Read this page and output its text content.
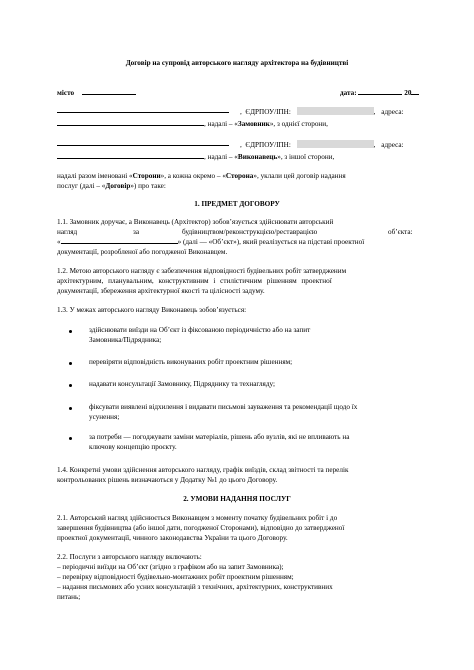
Договір на супровід авторського нагляду архітектора на будівництві
місто	дата:	20
,  ЄДРПОУ/ІПН:	, адреса:
, надалі – «Замовник», з однієї сторони,
,  ЄДРПОУ/ІПН:	, адреса:
, надалі – «Виконавець», з іншої сторони,
надалі разом іменовані «Сторони», а кожна окремо – «Сторона», уклали цей договір надання
послуг (далі – «Договір») про таке:
1. ПРЕДМЕТ ДОГОВОРУ
1.1. Замовник доручає, а Виконавець (Архітектор) зобов’язується здійснювати авторський
нагляд	за	будівництвом/реконструкцією/реставрацією	об’єкта:
«	» (далі — «Об’єкт»), який реалізується на підставі проектної
документації, розробленої або погодженої Виконавцем.
1.2. Метою авторського нагляду є забезпечення відповідності будівельних робіт затвердженим
архітектурним, планувальним, конструктивним і стилістичним рішенням проектної
документації, збереження архітектурної якості та цілісності задуму.
1.3. У межах авторського нагляду Виконавець зобов’язується:
здійснювати виїзди на Об’єкт із фіксованою періодичністю або на запит
Замовника/Підрядника;
перевіряти відповідність виконуваних робіт проектним рішенням;
надавати консультації Замовнику, Підряднику та технагляду;
фіксувати виявлені відхилення і видавати письмові зауваження та рекомендації щодо їх
усунення;
за потреби — погоджувати заміни матеріалів, рішень або вузлів, які не впливають на
ключову концепцію проєкту.
1.4. Конкретні умови здійснення авторського нагляду, графік виїздів, склад звітності та перелік
контрольованих рішень визначаються у Додатку №1 до цього Договору.
2. УМОВИ НАДАННЯ ПОСЛУГ
2.1. Авторський нагляд здійснюється Виконавцем з моменту початку будівельних робіт і до
завершення будівництва (або іншої дати, погодженої Сторонами), відповідно до затвердженої
проектної документації, чинного законодавства України та цього Договору.
2.2. Послуги з авторського нагляду включають:
– періодичні виїзди на Об’єкт (згідно з графіком або на запит Замовника);
– перевірку відповідності будівельно-монтажних робіт проектним рішенням;
– надання письмових або усних консультацій з технічних, архітектурних, конструктивних
питань;
